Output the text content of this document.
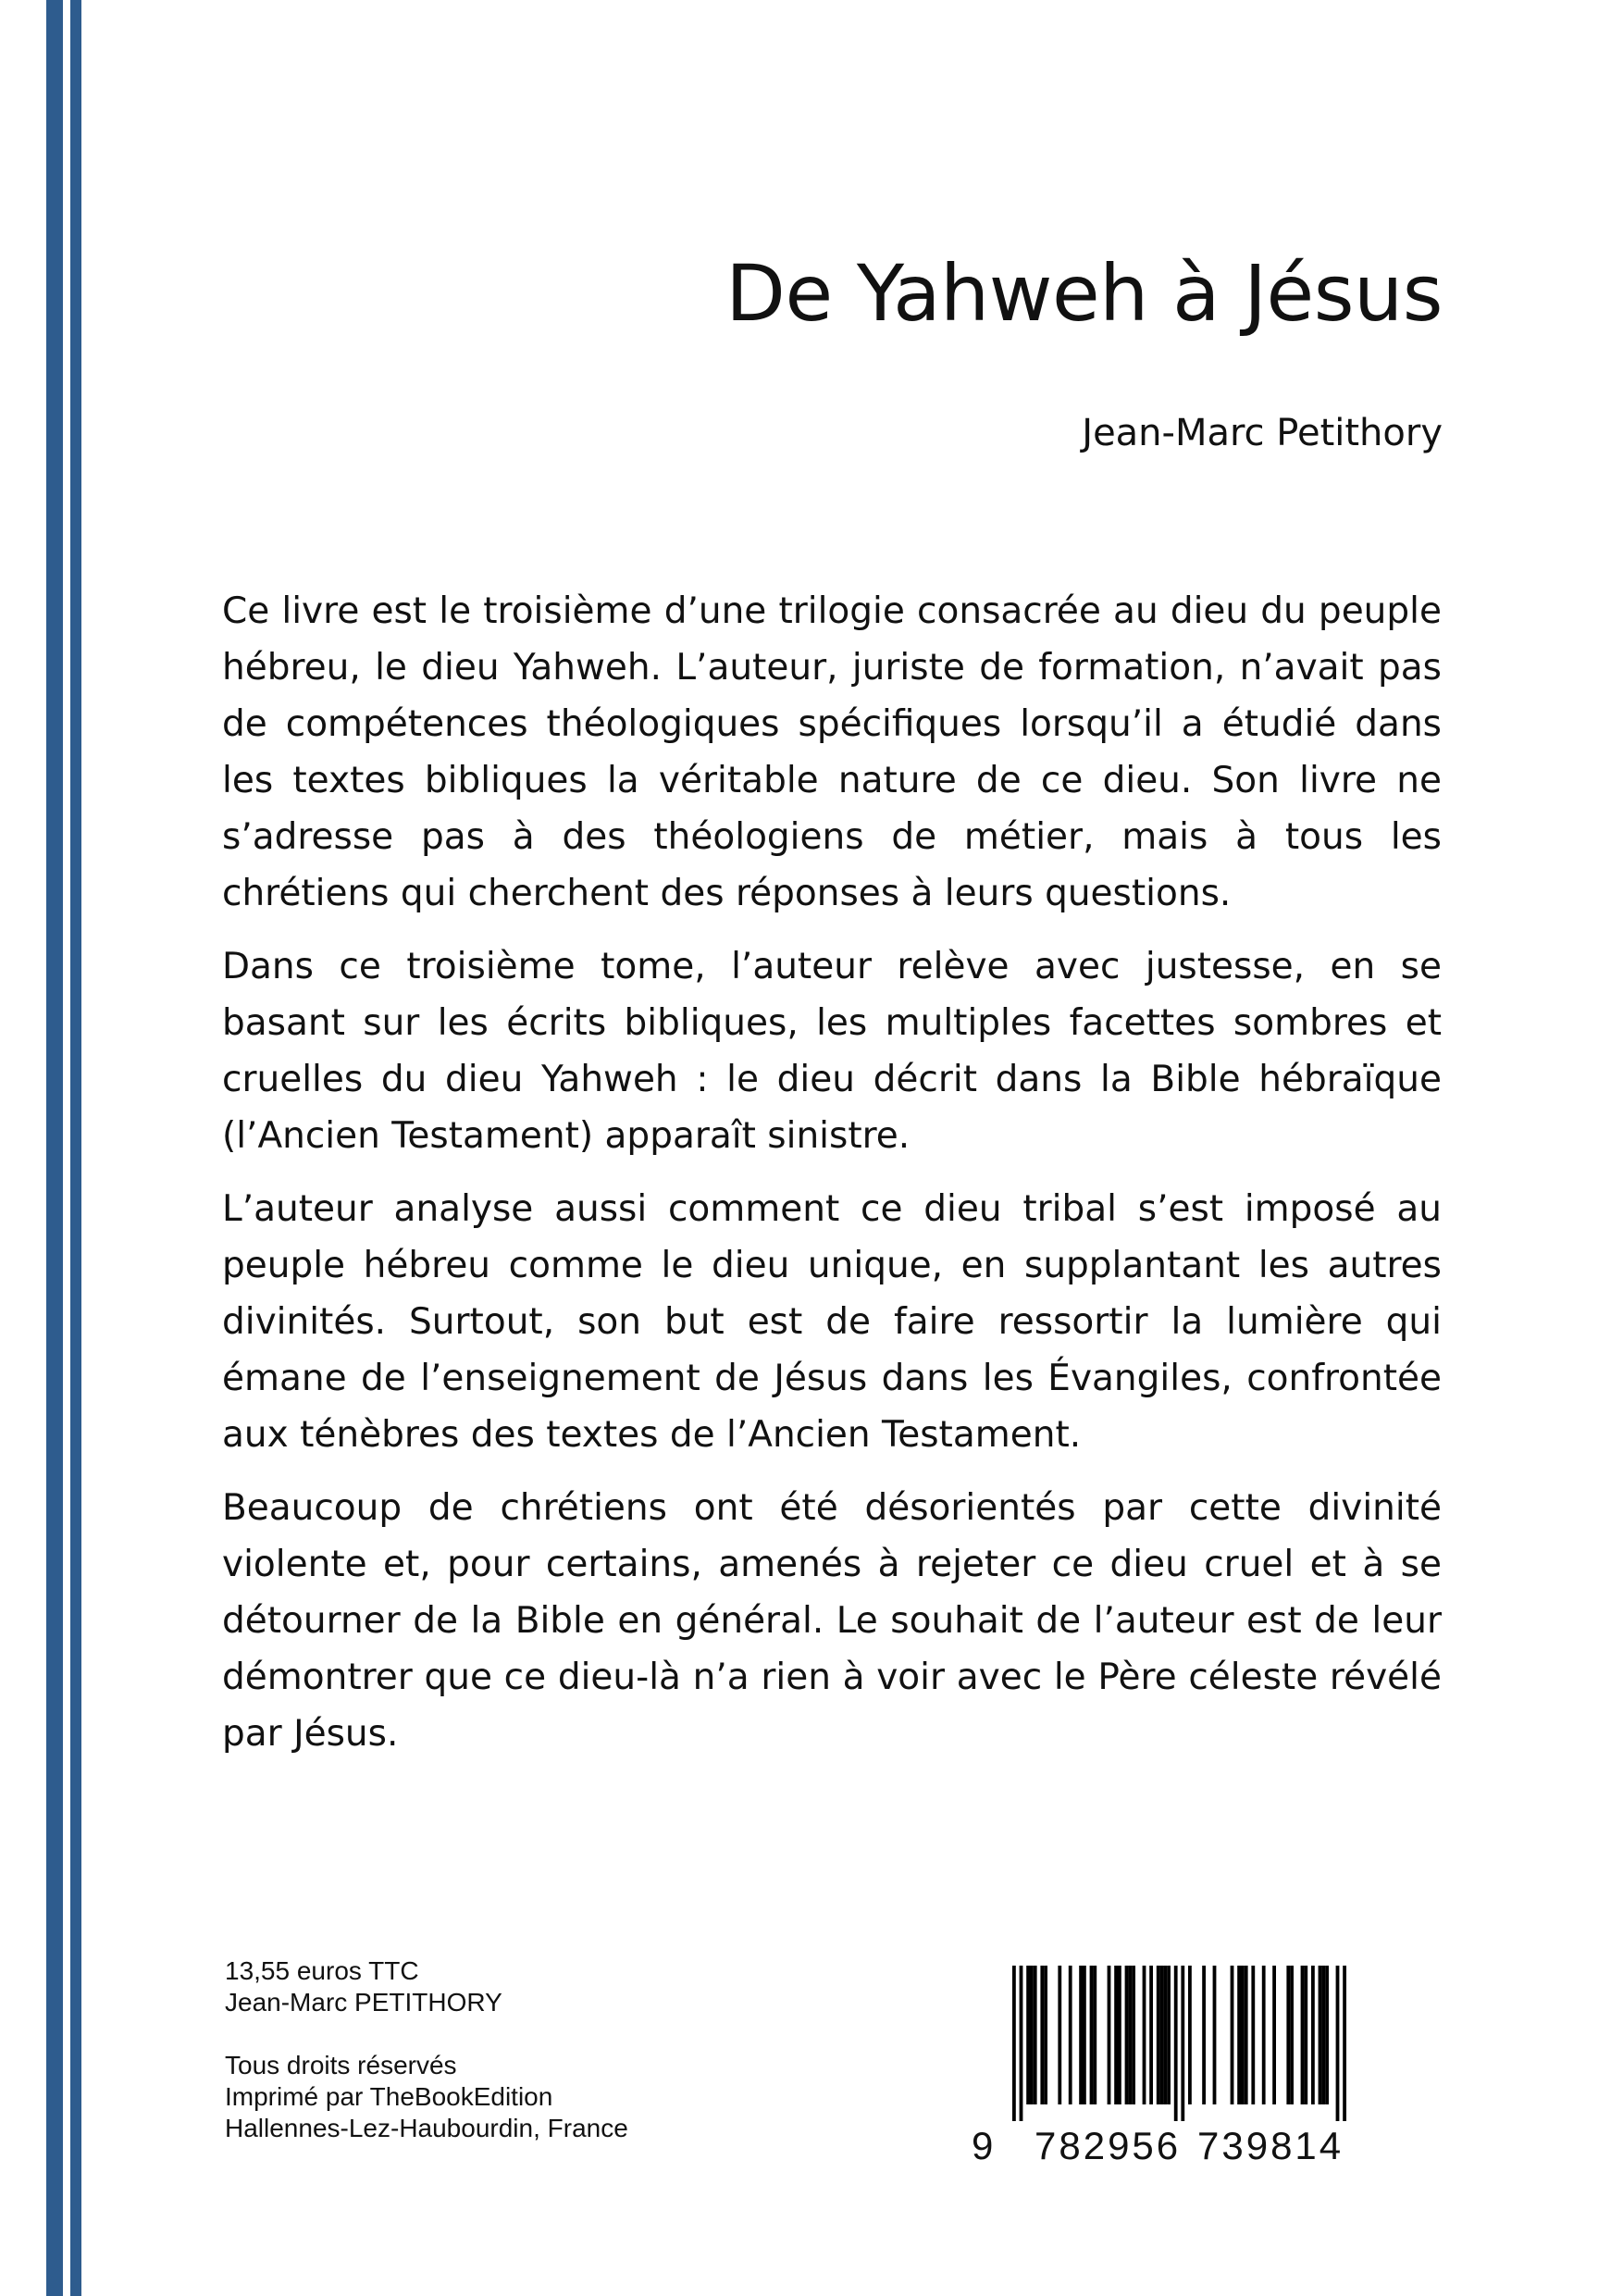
De Yahweh à Jésus
Jean-Marc Petithory

Ce livre est le troisième d’une trilogie consacrée au dieu du peuple hébreu, le dieu Yahweh. L’auteur, juriste de formation, n’avait pas de compétences théologiques spécifiques lorsqu’il a étudié dans les textes bibliques la véritable nature de ce dieu. Son livre ne s’adresse pas à des théologiens de métier, mais à tous les chrétiens qui cherchent des réponses à leurs questions.

Dans ce troisième tome, l’auteur relève avec justesse, en se basant sur les écrits bibliques, les multiples facettes sombres et cruelles du dieu Yahweh : le dieu décrit dans la Bible hébraïque (l’Ancien Testament) apparaît sinistre.

L’auteur analyse aussi comment ce dieu tribal s’est imposé au peuple hébreu comme le dieu unique, en supplantant les autres divinités. Surtout, son but est de faire ressortir la lumière qui émane de l’enseignement de Jésus dans les Évangiles, confrontée aux ténèbres des textes de l’Ancien Testament.

Beaucoup de chrétiens ont été désorientés par cette divinité violente et, pour certains, amenés à rejeter ce dieu cruel et à se détourner de la Bible en général. Le souhait de l’auteur est de leur démontrer que ce dieu-là n’a rien à voir avec le Père céleste révélé par Jésus.

13,55 euros TTC
Jean-Marc PETITHORY
Tous droits réservés
Imprimé par TheBookEdition
Hallennes-Lez-Haubourdin, France	9 782956 739814
